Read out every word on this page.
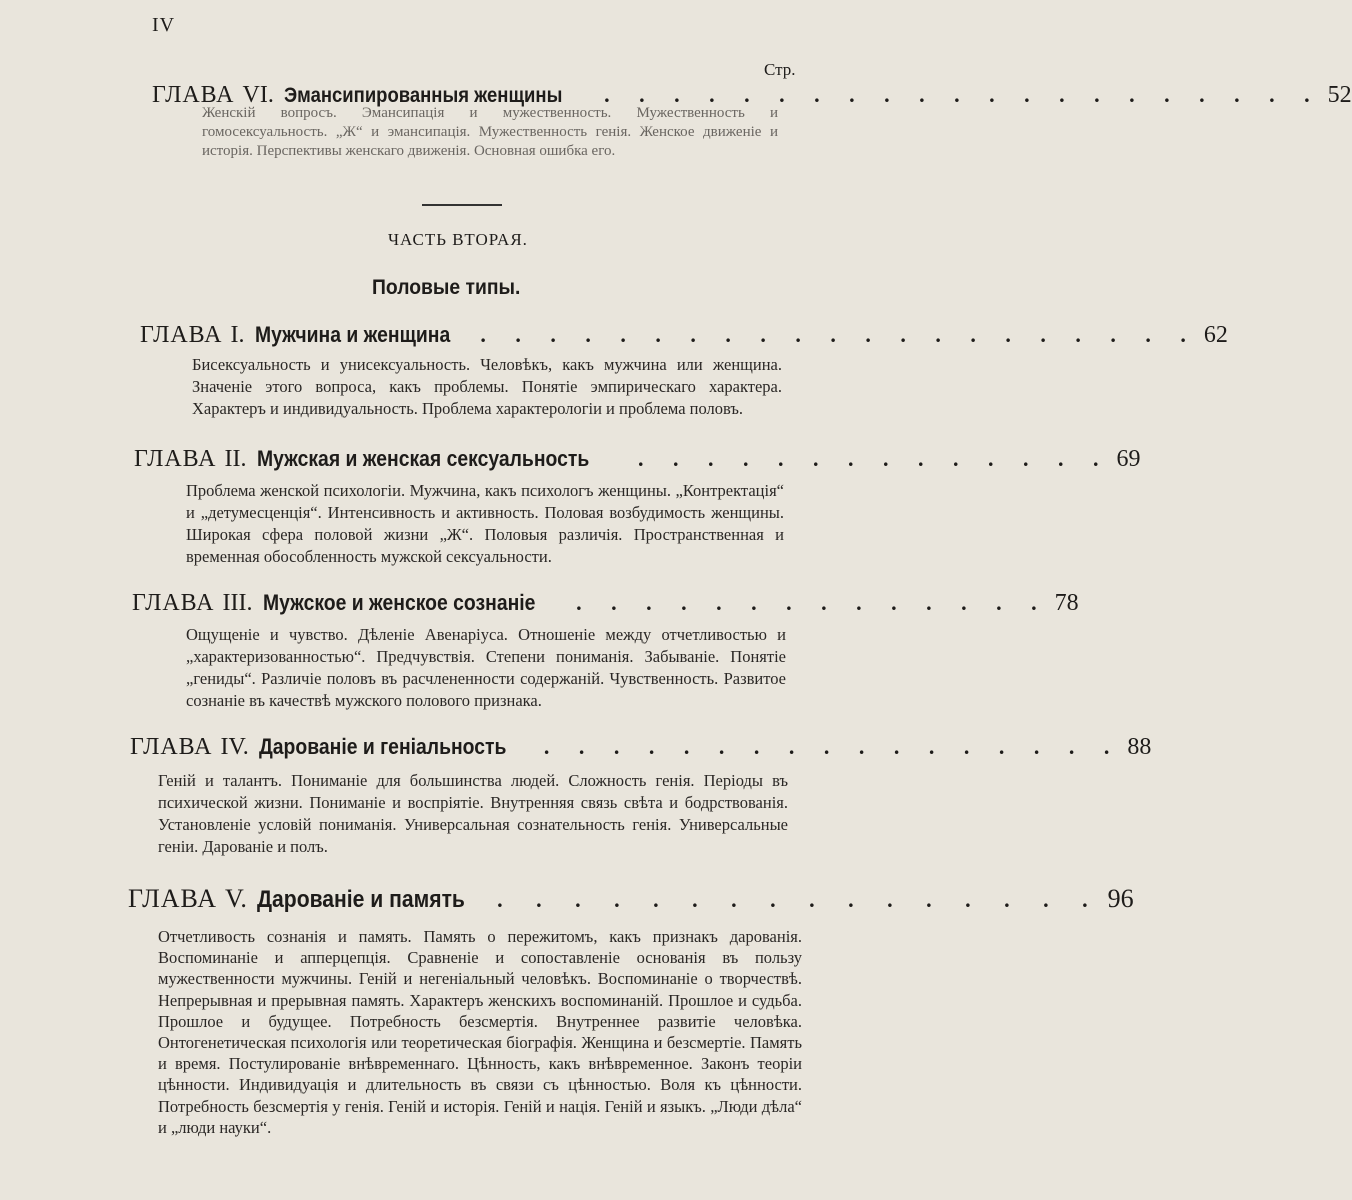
IV
Стр.
ГЛАВА VI. Эмансипированныя женщины . . . . . . . . . . . . . . . . . . . . . 52
Женскій вопросъ. Эмансипація и мужественность. Мужественность и гомосексуальность. „Ж“ и эмансипація. Мужественность генія. Женское движеніе и исторія. Перспективы женскаго движенія. Основная ошибка его.
ЧАСТЬ ВТОРАЯ.
Половые типы.
ГЛАВА I. Мужчина и женщина . . . . . . . . . . . . . . . . . . . . . 62
Бисексуальность и унисексуальность. Человѣкъ, какъ мужчина или женщина. Значеніе этого вопроса, какъ проблемы. Понятіе эмпирическаго характера. Характеръ и индивидуальность. Проблема характерологіи и проблема половъ.
ГЛАВА II. Мужская и женская сексуальность . . . . . . . . . . . . . . 69
Проблема женской психологіи. Мужчина, какъ психологъ женщины. „Контректація“ и „детумесценція“. Интенсивность и активность. Половая возбудимость женщины. Широкая сфера половой жизни „Ж“. Половыя различія. Пространственная и временная обособленность мужской сексуальности.
ГЛАВА III. Мужское и женское сознаніе . . . . . . . . . . . . . . 78
Ощущеніе и чувство. Дѣленіе Авенаріуса. Отношеніе между отчетливостью и „характеризованностью“. Предчувствія. Степени пониманія. Забываніе. Понятіе „гениды“. Различіе половъ въ расчлененности содержаній. Чувственность. Развитое сознаніе въ качествѣ мужского полового признака.
ГЛАВА IV. Дарованіе и геніальность . . . . . . . . . . . . . . . . . 88
Геній и талантъ. Пониманіе для большинства людей. Сложность генія. Періоды въ психической жизни. Пониманіе и воспріятіе. Внутренняя связь свѣта и бодрствованія. Установленіе условій пониманія. Универсальная сознательность генія. Универсальные геніи. Дарованіе и полъ.
ГЛАВА V. Дарованіе и память . . . . . . . . . . . . . . . . 96
Отчетливость сознанія и память. Память о пережитомъ, какъ признакъ дарованія. Воспоминаніе и апперцепція. Сравненіе и сопоставленіе основанія въ пользу мужественности мужчины. Геній и негеніальный человѣкъ. Воспоминаніе о творчествѣ. Непрерывная и прерывная память. Характеръ женскихъ воспоминаній. Прошлое и судьба. Прошлое и будущее. Потребность безсмертія. Внутреннее развитіе человѣка. Онтогенетическая психологія или теоретическая біографія. Женщина и безсмертіе. Память и время. Постулированіе внѣвременнаго. Цѣнность, какъ внѣвременное. Законъ теоріи цѣнности. Индивидуація и длительность въ связи съ цѣнностью. Воля къ цѣнности. Потребность безсмертія у генія. Геній и исторія. Геній и нація. Геній и языкъ. „Люди дѣла“ и „люди науки“.
